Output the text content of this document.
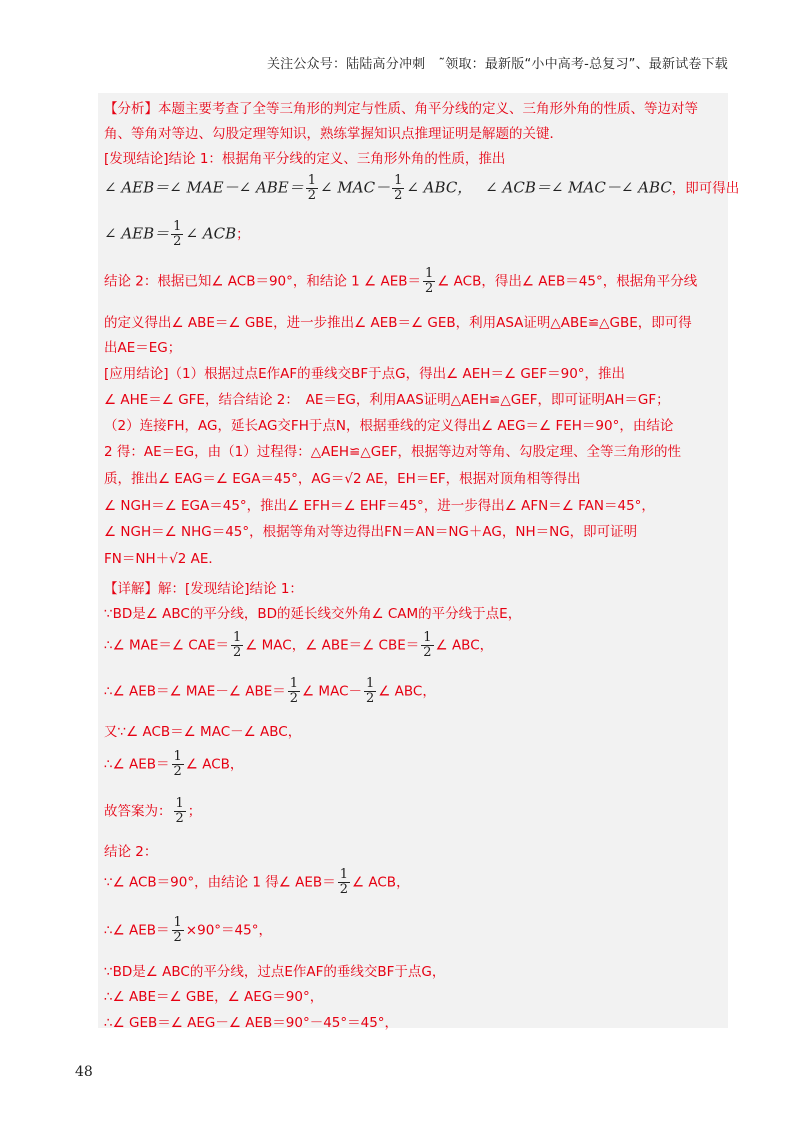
关注公众号：陆陆高分冲刺　˜领取：最新版“小中高考-总复习”、最新试卷下载
【分析】本题主要考查了全等三角形的判定与性质、角平分线的定义、三角形外角的性质、等边对等
角、等角对等边、勾股定理等知识，熟练掌握知识点推理证明是解题的关键．
[发现结论]结论 1：根据角平分线的定义、三角形外角的性质，推出
∠ AEB＝∠ MAE－∠ $ABE= \frac{1}{2}$ ∠ $MAC- \frac{1}{2}$ ∠ ABC， ∠ ACB＝∠ MAC－∠ ABC，即可得出
∠ $AEB= \frac{1}{2}$ ∠ ACB；
结论 2：根据已知∠ ACB＝90°，和结论 1 ∠ $AEB= \frac{1}{2}$ ∠ ACB，得出∠ AEB＝45°，根据角平分线
的定义得出∠ ABE＝∠ GBE，进一步推出∠ AEB＝∠ GEB，利用ASA证明△ABE≌△GBE，即可得
出AE＝EG；
[应用结论]（1）根据过点E作AF的垂线交BF于点G，得出∠ AEH＝∠ GEF＝90°，推出
∠ AHE＝∠ GFE，结合结论 2：　AE＝EG，利用AAS证明△AEH≌△GEF，即可证明AH＝GF；
（2）连接FH，AG，延长AG交FH于点N，根据垂线的定义得出∠ AEG＝∠ FEH＝90°，由结论
2 得：AE＝EG，由（1）过程得：△AEH≌△GEF，根据等边对等角、勾股定理、全等三角形的性
质，推出∠ EAG＝∠ EGA＝45°，AG＝√2 AE，EH＝EF，根据对顶角相等得出
∠ NGH＝∠ EGA＝45°，推出∠ EFH＝∠ EHF＝45°，进一步得出∠ AFN＝∠ FAN＝45°，
∠ NGH＝∠ NHG＝45°，根据等角对等边得出FN＝AN＝NG＋AG，NH＝NG，即可证明
FN＝NH＋√2 AE．
【详解】解：[发现结论]结论 1：
∵BD是∠ ABC的平分线，BD的延长线交外角∠ CAM的平分线于点E，
∴∠ MAE＝∠ $CAE= \frac{1}{2}$ ∠ MAC，∠ ABE＝∠ $CBE= \frac{1}{2}$ ∠ ABC，
∴∠ AEB＝∠ MAE－∠ $ABE= \frac{1}{2}$ ∠ $MAC- \frac{1}{2}$ ∠ ABC，
又∵∠ ACB＝∠ MAC－∠ ABC，
∴∠ $AEB= \frac{1}{2}$ ∠ ACB，
故答案为： $\frac{1}{2}$ ；
结论 2：
∵∠ ACB＝90°，由结论 1 得∠ $AEB= \frac{1}{2}$ ∠ ACB，
∴∠ $AEB= \frac{1}{2} \times 90^\circ=45^\circ$，
∵BD是∠ ABC的平分线，过点E作AF的垂线交BF于点G，
∴∠ ABE＝∠ GBE，∠ AEG＝90°，
∴∠ GEB＝∠ AEG－∠ AEB＝90°－45°＝45°，
48
